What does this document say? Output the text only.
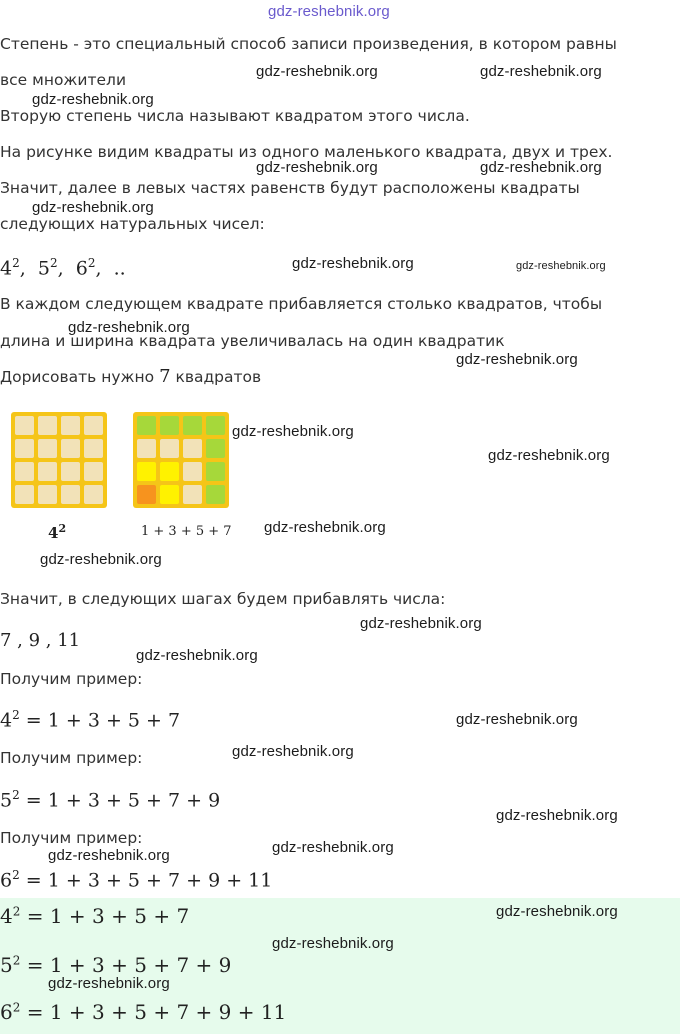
gdz-reshebnik.org
Степень - это специальный способ записи произведения, в котором равны
все множители
Вторую степень числа называют квадратом этого числа.
На рисунке видим квадраты из одного маленького квадрата, двух и трех.
Значит, далее в левых частях равенств будут расположены квадраты
следующих натуральных чисел:
$4^2$,  $5^2$,  $6^2$,  ..
В каждом следующем квадрате прибавляется столько квадратов, чтобы
длина и ширина квадрата увеличивалась на один квадратик
Дорисовать нужно 7 квадратов
$4^2$	1 + 3 + 5 + 7
Значит, в следующих шагах будем прибавлять числа:
7 , 9 , 11
Получим пример:
$4^2 = 1 + 3 + 5 + 7$
Получим пример:
$5^2 = 1 + 3 + 5 + 7 + 9$
Получим пример:
$6^2 = 1 + 3 + 5 + 7 + 9 + 11$
$4^2 = 1 + 3 + 5 + 7$
$5^2 = 1 + 3 + 5 + 7 + 9$
$6^2 = 1 + 3 + 5 + 7 + 9 + 11$
gdz-reshebnik.org	gdz-reshebnik.org
gdz-reshebnik.org
gdz-reshebnik.org	gdz-reshebnik.org
gdz-reshebnik.org
gdz-reshebnik.org	gdz-reshebnik.org
gdz-reshebnik.org
gdz-reshebnik.org
gdz-reshebnik.org
gdz-reshebnik.org
gdz-reshebnik.org
gdz-reshebnik.org
gdz-reshebnik.org
gdz-reshebnik.org
gdz-reshebnik.org
gdz-reshebnik.org
gdz-reshebnik.org
gdz-reshebnik.org
gdz-reshebnik.org
gdz-reshebnik.org
gdz-reshebnik.org
gdz-reshebnik.org
